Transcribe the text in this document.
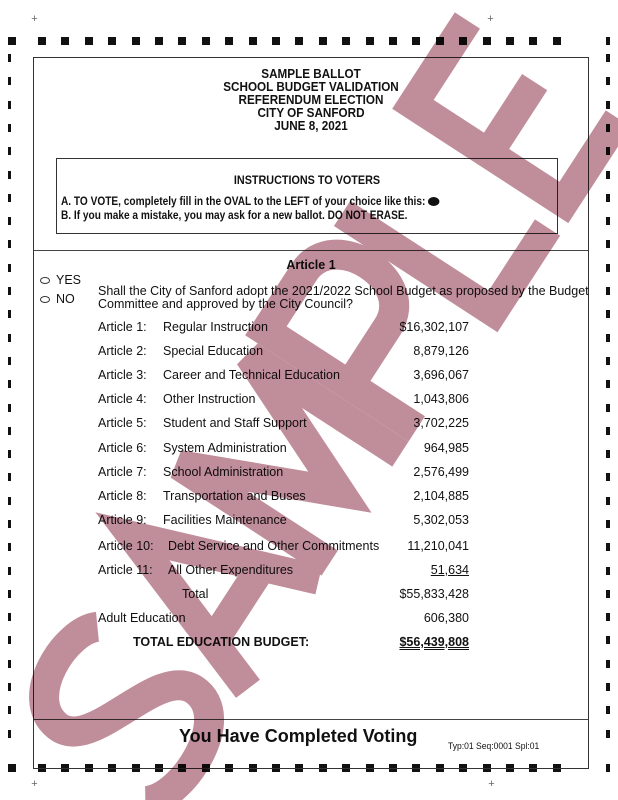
+	+
+	+
SAMPLE BALLOT
SCHOOL BUDGET VALIDATION
REFERENDUM ELECTION
CITY OF SANFORD
JUNE 8, 2021
INSTRUCTIONS TO VOTERS
A. TO VOTE, completely fill in the OVAL to the LEFT of your choice like this:
B. If you make a mistake, you may ask for a new ballot. DO NOT ERASE.
Article 1
YES
NO
Shall the City of Sanford adopt the 2021/2022 School Budget as proposed by the Budget
Committee and approved by the City Council?
Article 1: Regular Instruction	$16,302,107
Article 2: Special Education	8,879,126
Article 3: Career and Technical Education	3,696,067
Article 4: Other Instruction	1,043,806
Article 5: Student and Staff Support	3,702,225
Article 6: System Administration	964,985
Article 7: School Administration	2,576,499
Article 8: Transportation and Buses	2,104,885
Article 9: Facilities Maintenance	5,302,053
Article 10: Debt Service and Other Commitments	11,210,041
Article 11: All Other Expenditures	51,634
Total	$55,833,428
Adult Education	606,380
TOTAL EDUCATION BUDGET:	$56,439,808
You Have Completed Voting
Typ:01 Seq:0001 Spl:01
